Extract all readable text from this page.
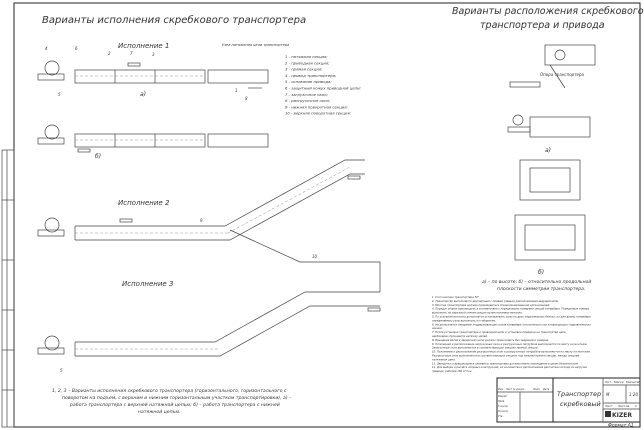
Варианты исполнения скребкового транспортера
Варианты расположения скребкового
транспортера и привода
Исполнение 1	Узел натяжения цепи транспортера
а)
б)
Исполнение 2
Исполнение 3
4	6
2	7	3
5
1
8
9
10
5
1 - натяжная секция;
2 - приводная секция;
3 - прямая секция;
4 - привод транспортера;
5 - основание привода;
6 - защитный кожух приводной цепи;
7 - загрузочное окно;
8 - разгрузочное окно;
9 - нижняя поворотная секция;
10 - верхняя поворотная секция;
Опора транспортера
а)
б)
а) – по высоте; б) – относительно продольной
плоскости симметрии транспортера.
1. Угол наклона транспортера 30°
2. Транспортер выполняется двухцепным с правым (левым) расположением ведущей цепи.
3. Монтаж транспортера должен производиться специализированной организацией.
4. Порядок сборки производить в соответствии с порядковыми номерами секций конвейера. Порядковые номера
выполнить на наружной стенке секции путем наплавки металла.
5. По условиям монтажа допускается устанавливать узлы на двух параллельных балках, но для длины конвейера
определяемую узлы выполнить по габаритам.
6. Не допускается смещение поддерживающих узлов конвейера относительно оси конфигурации гидравлических
секций.
7. После установки транспортера и приводной цепи и установки передачи на транспортер цепи
необходимо произвести натяжку цепей.
8. Вращение валов в звездочках цепи должно происходить без заеданий и задиров.
9. Положения и расположение загрузочных окон и разгрузочных патрубков выполняются по месту на монтаже.
Загрузочные окна выполняются в соответствующих секциях прямой секции.
10. Положение и расположение разгрузочных окон и разгрузочных патрубков выполняются по месту на монтаже.
Разгрузочные окна выполняются в соответствующих секциях под нижней прямой секции, между секцией
натяжения цепи.
11. Звездочки и вращающиеся элементы транспортера должны иметь ограждения в целях безопасности.
12. Для выбора и расчёта опорных конструкций, их количества и расположения рассчитано исходя из нагрузки
привода, рабочей 150 кг/п.м.
1, 2, 3 – Варианты исполнения скребкового транспортера (горизонтального, горизонтального с
поворотом на подъем, с верхним и нижним горизонтальным участком транспортировки), а) –
работа транспортера с верхней натяжной цепью; б) – работа транспортера с нижней
натяжной цепью.
Транспортер
скребковый
Лит. Масса Масштаб
М	1:20
Лист	Листов 1
KIZER
Изм. Лист № докум.	Подп.	Дата
Разраб.
Пров.
Т.контр.
Н.контр.
Утв.
Формат А1
